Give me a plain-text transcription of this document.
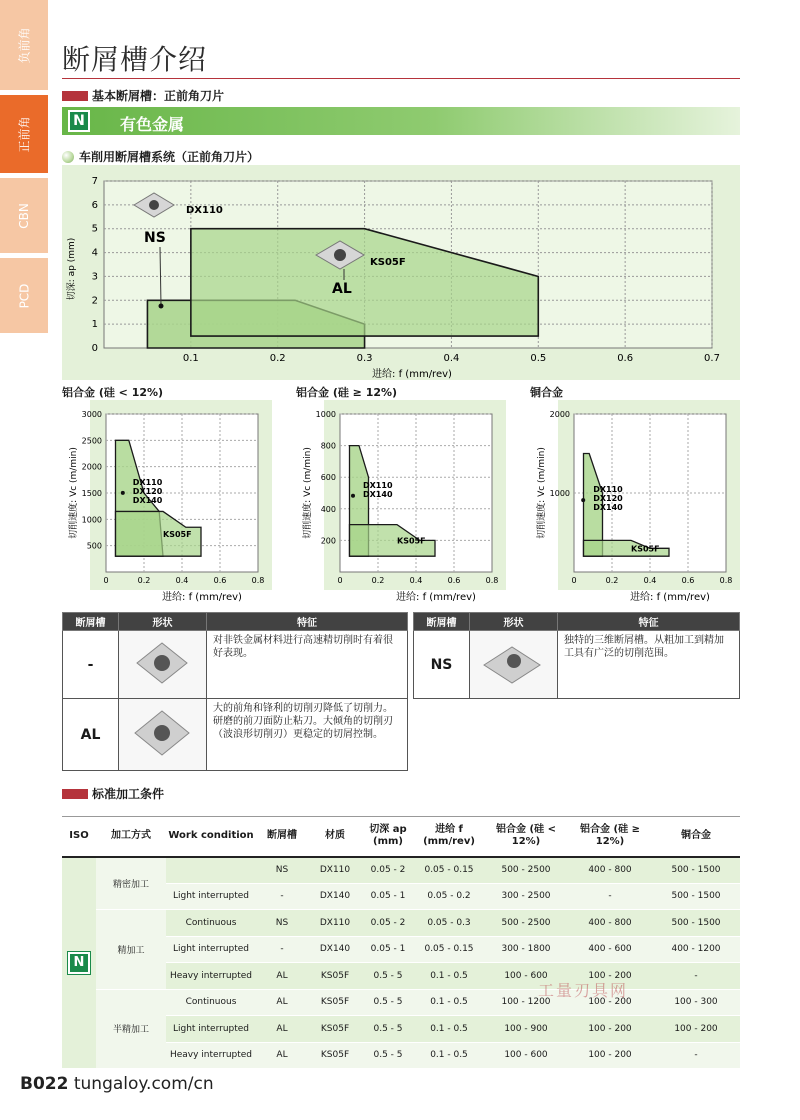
负前角
正前角
CBN
PCD
断屑槽介绍
基本断屑槽：正前角刀片
N	有色金属
车削用断屑槽系统（正前角刀片）
0
1
2
3
4
5
6
7
0.1	0.2	0.3	0.4	0.5	0.6	0.7
切深: ap (mm)
进给: f (mm/rev)
DX110
NS
KS05F
AL
铝合金 (硅 < 12%)	铝合金 (硅 ≥ 12%)	铜合金
500
1000
1500
2000
2500
3000
0	0.2	0.4	0.6	0.8
DX110
DX120
DX140
KS05F
切削速度: Vc (m/min)
进给: f (mm/rev)
200
400
600
800
1000
0	0.2	0.4	0.6	0.8
DX110
DX140
KS05F
切削速度: Vc (m/min)
进给: f (mm/rev)
1000
2000
0	0.2	0.4	0.6	0.8
DX110
DX120
DX140
KS05F
切削速度: Vc (m/min)
进给: f (mm/rev)
断屑槽	形状	特征
-		对非铁金属材料进行高速精切削时有着很好表现。
AL		大的前角和锋利的切削刃降低了切削力。研磨的前刀面防止粘刀。大倾角的切削刃（波浪形切削刃）更稳定的切屑控制。
断屑槽	形状	特征
NS		独特的三维断屑槽。从粗加工到精加工具有广泛的切削范围。
标准加工条件
ISO	加工方式	Work condition	断屑槽	材质	切深 ap (mm)	进给 f (mm/rev)	铝合金 (硅 < 12%)	铝合金 (硅 ≥ 12%)	铜合金
N	精密加工		NS	DX110	0.05 - 2	0.05 - 0.15	500 - 2500	400 - 800	500 - 1500
		Light interrupted	-	DX140	0.05 - 1	0.05 - 0.2	300 - 2500	-	500 - 1500
	精加工	Continuous	NS	DX110	0.05 - 2	0.05 - 0.3	500 - 2500	400 - 800	500 - 1500
		Light interrupted	-	DX140	0.05 - 1	0.05 - 0.15	300 - 1800	400 - 600	400 - 1200
		Heavy interrupted	AL	KS05F	0.5 - 5	0.1 - 0.5	100 - 600	100 - 200	-
	半精加工	Continuous	AL	KS05F	0.5 - 5	0.1 - 0.5	100 - 1200	100 - 200	100 - 300
		Light interrupted	AL	KS05F	0.5 - 5	0.1 - 0.5	100 - 900	100 - 200	100 - 200
		Heavy interrupted	AL	KS05F	0.5 - 5	0.1 - 0.5	100 - 600	100 - 200	-
工量刃具网
B022 tungaloy.com/cn
